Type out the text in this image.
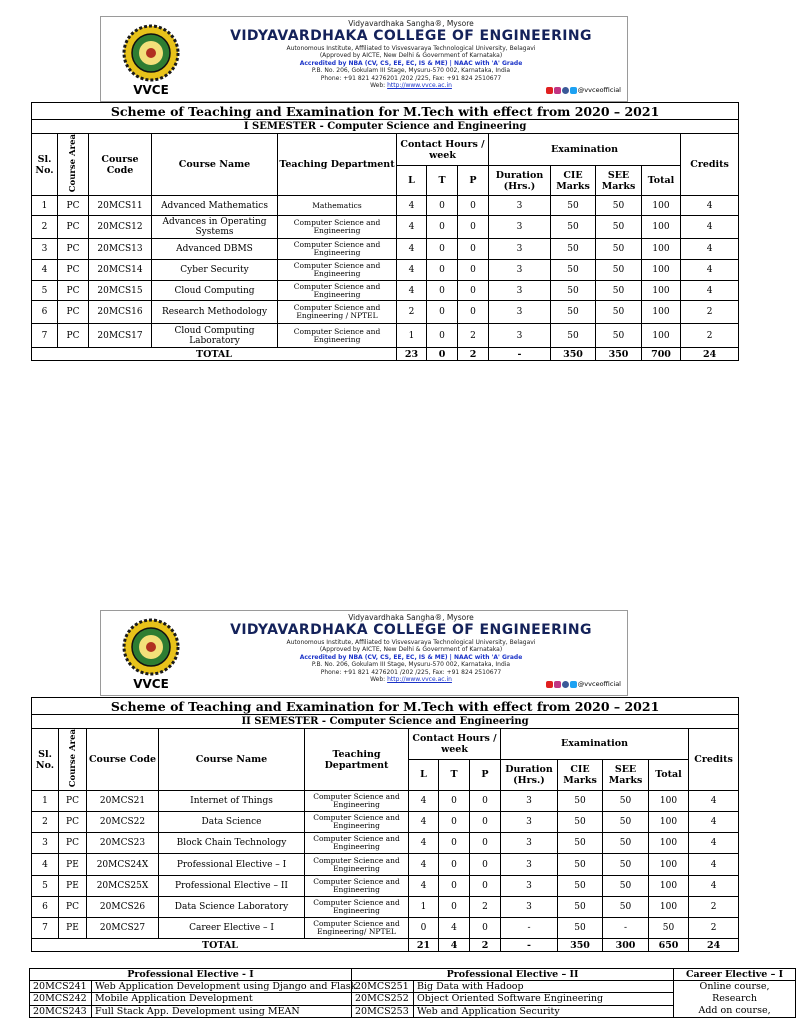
VVCE
Vidyavardhaka Sangha®, Mysore
VIDYAVARDHAKA COLLEGE OF ENGINEERING
Autonomous Institute, Affiliated to Visvesvaraya Technological University, Belagavi
(Approved by AICTE, New Delhi & Government of Karnataka)
Accredited by NBA (CV, CS, EE, EC, IS & ME) | NAAC with 'A' Grade
P.B. No. 206, Gokulam III Stage, Mysuru-570 002, Karnataka, India
Phone: +91 821 4276201 /202 /225, Fax: +91 824 2510677
Web: http://www.vvce.ac.in
@vvceofficial
Scheme of Teaching and Examination for M.Tech with effect from 2020 – 2021												
I SEMESTER - Computer Science and Engineering												
Sl. No.	Course Area	Course Code	Course Name	Teaching Department	Contact Hours / week			Examination				Credits
					L	T	P	Duration (Hrs.)	CIE Marks	SEE Marks	Total	
1	PC	20MCS11	Advanced Mathematics	Mathematics	4	0	0	3	50	50	100	4
2	PC	20MCS12	Advances in Operating Systems	Computer Science and Engineering	4	0	0	3	50	50	100	4
3	PC	20MCS13	Advanced DBMS	Computer Science and Engineering	4	0	0	3	50	50	100	4
4	PC	20MCS14	Cyber Security	Computer Science and Engineering	4	0	0	3	50	50	100	4
5	PC	20MCS15	Cloud Computing	Computer Science and Engineering	4	0	0	3	50	50	100	4
6	PC	20MCS16	Research Methodology	Computer Science and Engineering / NPTEL	2	0	0	3	50	50	100	2
7	PC	20MCS17	Cloud Computing Laboratory	Computer Science and Engineering	1	0	2	3	50	50	100	2
TOTAL					23	0	2	-	350	350	700	24
VVCE
Vidyavardhaka Sangha®, Mysore
VIDYAVARDHAKA COLLEGE OF ENGINEERING
Autonomous Institute, Affiliated to Visvesvaraya Technological University, Belagavi
(Approved by AICTE, New Delhi & Government of Karnataka)
Accredited by NBA (CV, CS, EE, EC, IS & ME) | NAAC with 'A' Grade
P.B. No. 206, Gokulam III Stage, Mysuru-570 002, Karnataka, India
Phone: +91 821 4276201 /202 /225, Fax: +91 824 2510677
Web: http://www.vvce.ac.in
@vvceofficial
Scheme of Teaching and Examination for M.Tech with effect from 2020 – 2021												
II SEMESTER - Computer Science and Engineering												
Sl. No.	Course Area	Course Code	Course Name	Teaching Department	Contact Hours / week			Examination				Credits
					L	T	P	Duration (Hrs.)	CIE Marks	SEE Marks	Total	
1	PC	20MCS21	Internet of Things	Computer Science and Engineering	4	0	0	3	50	50	100	4
2	PC	20MCS22	Data Science	Computer Science and Engineering	4	0	0	3	50	50	100	4
3	PC	20MCS23	Block Chain Technology	Computer Science and Engineering	4	0	0	3	50	50	100	4
4	PE	20MCS24X	Professional Elective – I	Computer Science and Engineering	4	0	0	3	50	50	100	4
5	PE	20MCS25X	Professional Elective – II	Computer Science and Engineering	4	0	0	3	50	50	100	4
6	PC	20MCS26	Data Science Laboratory	Computer Science and Engineering	1	0	2	3	50	50	100	2
7	PE	20MCS27	Career Elective – I	Computer Science and Engineering/ NPTEL	0	4	0	-	50	-	50	2
TOTAL					21	4	2	-	350	300	650	24
Professional Elective - I		Professional Elective – II		Career Elective – I
20MCS241	Web Application Development using Django and Flask	20MCS251	Big Data with Hadoop	Online course,
Research
Add on course,

20MCS242	Mobile Application Development	20MCS252	Object Oriented Software Engineering	
20MCS243	Full Stack App. Development using MEAN	20MCS253	Web and Application Security	
